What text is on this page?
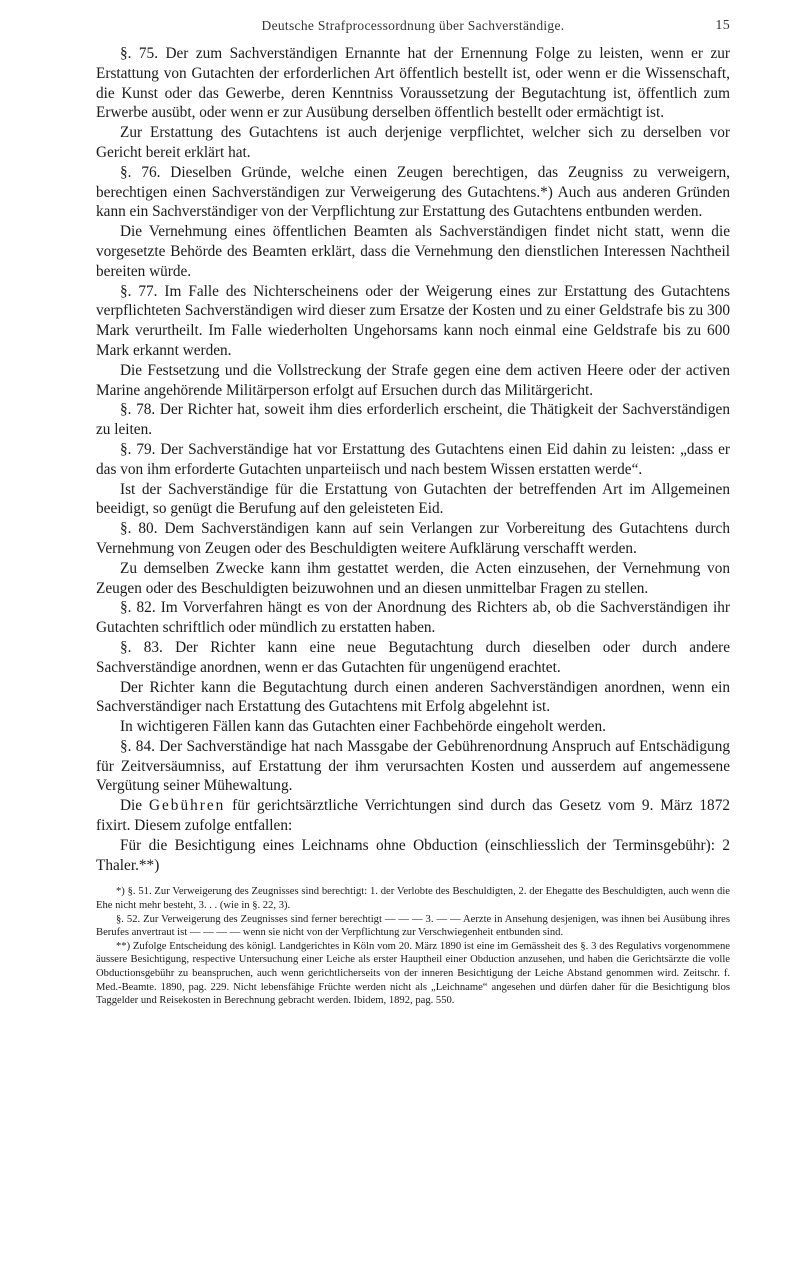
Deutsche Strafprocessordnung über Sachverständige.	15

§. 75. Der zum Sachverständigen Ernannte hat der Ernennung Folge zu leisten, wenn er zur Erstattung von Gutachten der erforderlichen Art öffentlich bestellt ist, oder wenn er die Wissenschaft, die Kunst oder das Gewerbe, deren Kenntniss Voraussetzung der Begutachtung ist, öffentlich zum Erwerbe ausübt, oder wenn er zur Ausübung derselben öffentlich bestellt oder ermächtigt ist.

Zur Erstattung des Gutachtens ist auch derjenige verpflichtet, welcher sich zu derselben vor Gericht bereit erklärt hat.

§. 76. Dieselben Gründe, welche einen Zeugen berechtigen, das Zeugniss zu verweigern, berechtigen einen Sachverständigen zur Verweigerung des Gutachtens.*) Auch aus anderen Gründen kann ein Sachverständiger von der Verpflichtung zur Erstattung des Gutachtens entbunden werden.

Die Vernehmung eines öffentlichen Beamten als Sachverständigen findet nicht statt, wenn die vorgesetzte Behörde des Beamten erklärt, dass die Vernehmung den dienstlichen Interessen Nachtheil bereiten würde.

§. 77. Im Falle des Nichterscheinens oder der Weigerung eines zur Erstattung des Gutachtens verpflichteten Sachverständigen wird dieser zum Ersatze der Kosten und zu einer Geldstrafe bis zu 300 Mark verurtheilt. Im Falle wiederholten Ungehorsams kann noch einmal eine Geldstrafe bis zu 600 Mark erkannt werden.

Die Festsetzung und die Vollstreckung der Strafe gegen eine dem activen Heere oder der activen Marine angehörende Militärperson erfolgt auf Ersuchen durch das Militärgericht.

§. 78. Der Richter hat, soweit ihm dies erforderlich erscheint, die Thätigkeit der Sachverständigen zu leiten.

§. 79. Der Sachverständige hat vor Erstattung des Gutachtens einen Eid dahin zu leisten: „dass er das von ihm erforderte Gutachten unparteiisch und nach bestem Wissen erstatten werde“.

Ist der Sachverständige für die Erstattung von Gutachten der betreffenden Art im Allgemeinen beeidigt, so genügt die Berufung auf den geleisteten Eid.

§. 80. Dem Sachverständigen kann auf sein Verlangen zur Vorbereitung des Gutachtens durch Vernehmung von Zeugen oder des Beschuldigten weitere Aufklärung verschafft werden.

Zu demselben Zwecke kann ihm gestattet werden, die Acten einzusehen, der Vernehmung von Zeugen oder des Beschuldigten beizuwohnen und an diesen unmittelbar Fragen zu stellen.

§. 82. Im Vorverfahren hängt es von der Anordnung des Richters ab, ob die Sachverständigen ihr Gutachten schriftlich oder mündlich zu erstatten haben.

§. 83. Der Richter kann eine neue Begutachtung durch dieselben oder durch andere Sachverständige anordnen, wenn er das Gutachten für ungenügend erachtet.

Der Richter kann die Begutachtung durch einen anderen Sachverständigen anordnen, wenn ein Sachverständiger nach Erstattung des Gutachtens mit Erfolg abgelehnt ist.

In wichtigeren Fällen kann das Gutachten einer Fachbehörde eingeholt werden.

§. 84. Der Sachverständige hat nach Massgabe der Gebührenordnung Anspruch auf Entschädigung für Zeitversäumniss, auf Erstattung der ihm verursachten Kosten und ausserdem auf angemessene Vergütung seiner Mühewaltung.

Die Gebühren für gerichtsärztliche Verrichtungen sind durch das Gesetz vom 9. März 1872 fixirt. Diesem zufolge entfallen:

Für die Besichtigung eines Leichnams ohne Obduction (einschliesslich der Terminsgebühr): 2 Thaler.**)

*) §. 51. Zur Verweigerung des Zeugnisses sind berechtigt: 1. der Verlobte des Beschuldigten, 2. der Ehegatte des Beschuldigten, auch wenn die Ehe nicht mehr besteht, 3. . . (wie in §. 22, 3).

§. 52. Zur Verweigerung des Zeugnisses sind ferner berechtigt — — — 3. — — Aerzte in Ansehung desjenigen, was ihnen bei Ausübung ihres Berufes anvertraut ist — — — — wenn sie nicht von der Verpflichtung zur Verschwiegenheit entbunden sind.

**) Zufolge Entscheidung des königl. Landgerichtes in Köln vom 20. März 1890 ist eine im Gemässheit des §. 3 des Regulativs vorgenommene äussere Besichtigung, respective Untersuchung einer Leiche als erster Hauptheil einer Obduction anzusehen, und haben die Gerichtsärzte die volle Obductionsgebühr zu beanspruchen, auch wenn gerichtlicherseits von der inneren Besichtigung der Leiche Abstand genommen wird. Zeitschr. f. Med.-Beamte. 1890, pag. 229. Nicht lebensfähige Früchte werden nicht als „Leichname“ angesehen und dürfen daher für die Besichtigung blos Taggelder und Reisekosten in Berechnung gebracht werden. Ibidem, 1892, pag. 550.
